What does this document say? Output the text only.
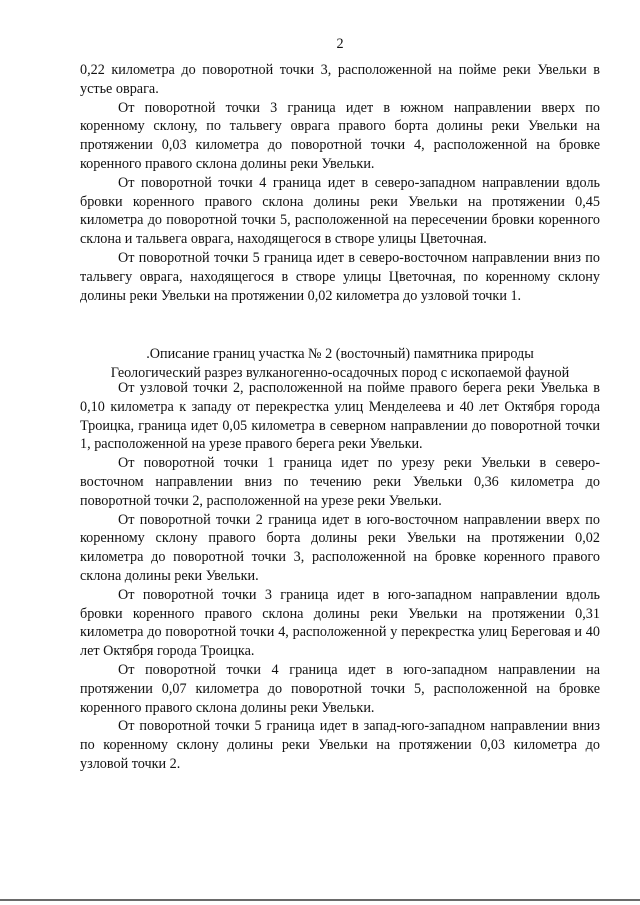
2

0,22 километра до поворотной точки 3, расположенной на пойме реки Увельки в устье оврага.

От поворотной точки 3 граница идет в южном направлении вверх по коренному склону, по тальвегу оврага правого борта долины реки Увельки на протяжении 0,03 километра до поворотной точки 4, расположенной на бровке коренного правого склона долины реки Увельки.

От поворотной точки 4 граница идет в северо-западном направлении вдоль бровки коренного правого склона долины реки Увельки на протяжении 0,45 километра до поворотной точки 5, расположенной на пересечении бровки коренного склона и тальвега оврага, находящегося в створе улицы Цветочная.

От поворотной точки 5 граница идет в северо-восточном направлении вниз по тальвегу оврага, находящегося в створе улицы Цветочная, по коренному склону долины реки Увельки на протяжении 0,02 километра до узловой точки 1.

.Описание границ участка № 2 (восточный) памятника природы
Геологический разрез вулканогенно-осадочных пород с ископаемой фауной

От узловой точки 2, расположенной на пойме правого берега реки Увелька в 0,10 километра к западу от перекрестка улиц Менделеева и 40 лет Октября города Троицка, граница идет 0,05 километра в северном направлении до поворотной точки 1, расположенной на урезе правого берега реки Увельки.

От поворотной точки 1 граница идет по урезу реки Увельки в северо-восточном направлении вниз по течению реки Увельки 0,36 километра до поворотной точки 2, расположенной на урезе реки Увельки.

От поворотной точки 2 граница идет в юго-восточном направлении вверх по коренному склону правого борта долины реки Увельки на протяжении 0,02 километра до поворотной точки 3, расположенной на бровке коренного правого склона долины реки Увельки.

От поворотной точки 3 граница идет в юго-западном направлении вдоль бровки коренного правого склона долины реки Увельки на протяжении 0,31 километра до поворотной точки 4, расположенной у перекрестка улиц Береговая и 40 лет Октября города Троицка.

От поворотной точки 4 граница идет в юго-западном направлении на протяжении 0,07 километра до поворотной точки 5, расположенной на бровке коренного правого склона долины реки Увельки.

От поворотной точки 5 граница идет в запад-юго-западном направлении вниз по коренному склону долины реки Увельки на протяжении 0,03 километра до узловой точки 2.
